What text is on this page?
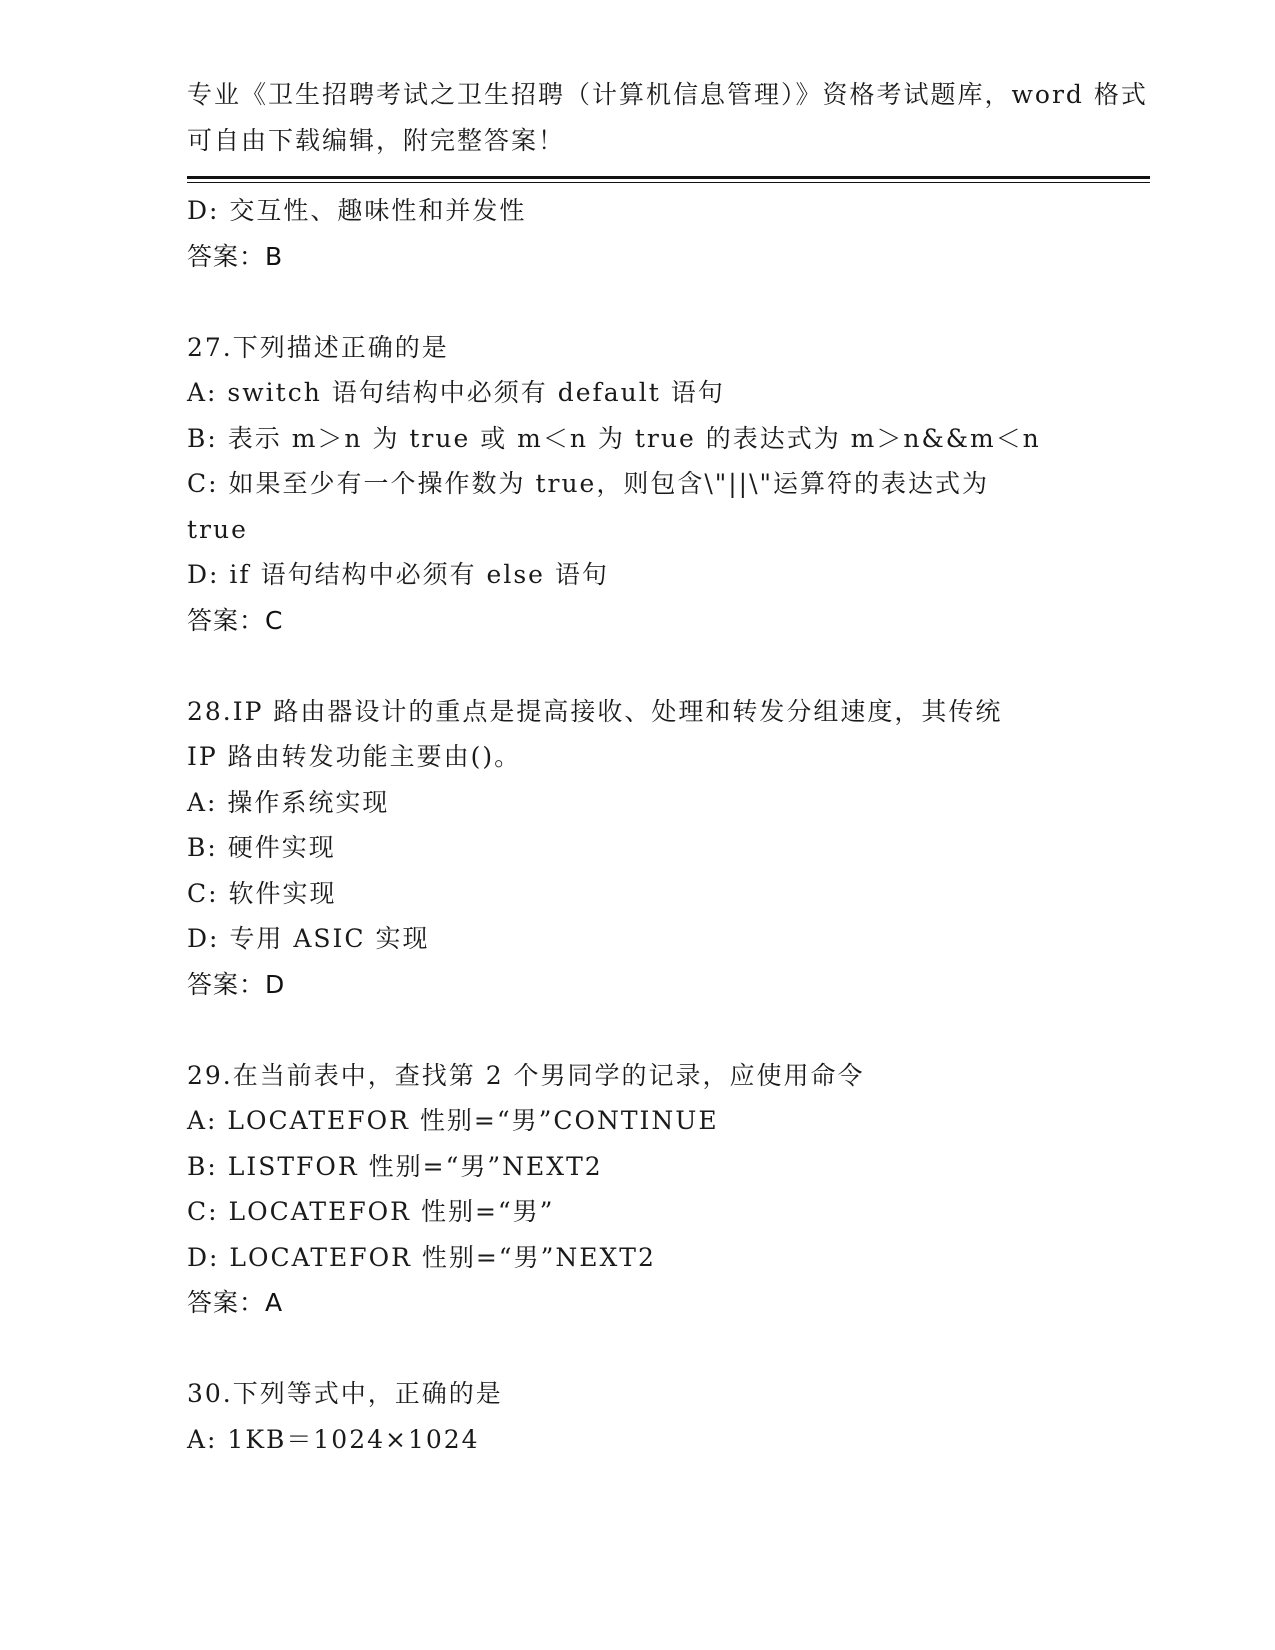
专业《卫生招聘考试之卫生招聘（计算机信息管理）》资格考试题库，word 格式
可自由下载编辑，附完整答案！
D: 交互性、趣味性和并发性
答案：B
27.下列描述正确的是
A: switch 语句结构中必须有 default 语句
B: 表示 m＞n 为 true 或 m＜n 为 true 的表达式为 m＞n&&m＜n
C: 如果至少有一个操作数为 true，则包含\"||\"运算符的表达式为
true
D: if 语句结构中必须有 else 语句
答案：C
28.IP 路由器设计的重点是提高接收、处理和转发分组速度，其传统
IP 路由转发功能主要由()。
A: 操作系统实现
B: 硬件实现
C: 软件实现
D: 专用 ASIC 实现
答案：D
29.在当前表中，查找第 2 个男同学的记录，应使用命令
A: LOCATEFOR 性别=“男”CONTINUE
B: LISTFOR 性别=“男”NEXT2
C: LOCATEFOR 性别=“男”
D: LOCATEFOR 性别=“男”NEXT2
答案：A
30.下列等式中，正确的是
A: 1KB＝1024×1024
